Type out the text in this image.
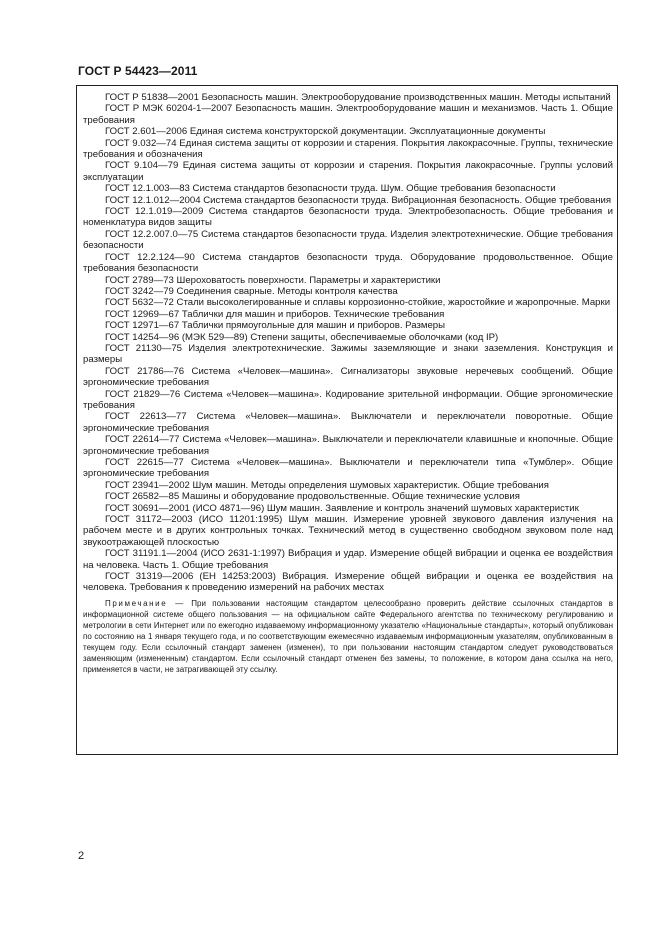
ГОСТ Р 54423—2011

ГОСТ Р 51838—2001 Безопасность машин. Электрооборудование производственных машин. Методы испытаний

ГОСТ Р МЭК 60204-1—2007 Безопасность машин. Электрооборудование машин и механизмов. Часть 1. Общие требования

ГОСТ 2.601—2006 Единая система конструкторской документации. Эксплуатационные документы

ГОСТ 9.032—74 Единая система защиты от коррозии и старения. Покрытия лакокрасочные. Группы, технические требования и обозначения

ГОСТ 9.104—79 Единая система защиты от коррозии и старения. Покрытия лакокрасочные. Группы условий эксплуатации

ГОСТ 12.1.003—83 Система стандартов безопасности труда. Шум. Общие требования безопасности

ГОСТ 12.1.012—2004 Система стандартов безопасности труда. Вибрационная безопасность. Общие требования

ГОСТ 12.1.019—2009 Система стандартов безопасности труда. Электробезопасность. Общие требования и номенклатура видов защиты

ГОСТ 12.2.007.0—75 Система стандартов безопасности труда. Изделия электротехнические. Общие требования безопасности

ГОСТ 12.2.124—90 Система стандартов безопасности труда. Оборудование продовольственное. Общие требования безопасности

ГОСТ 2789—73 Шероховатость поверхности. Параметры и характеристики

ГОСТ 3242—79 Соединения сварные. Методы контроля качества

ГОСТ 5632—72 Стали высоколегированные и сплавы коррозионно-стойкие, жаростойкие и жаропрочные. Марки

ГОСТ 12969—67 Таблички для машин и приборов. Технические требования

ГОСТ 12971—67 Таблички прямоугольные для машин и приборов. Размеры

ГОСТ 14254—96 (МЭК 529—89) Степени защиты, обеспечиваемые оболочками (код IP)

ГОСТ 21130—75 Изделия электротехнические. Зажимы заземляющие и знаки заземления. Конструкция и размеры

ГОСТ 21786—76 Система «Человек—машина». Сигнализаторы звуковые неречевых сообщений. Общие эргономические требования

ГОСТ 21829—76 Система «Человек—машина». Кодирование зрительной информации. Общие эргономические требования

ГОСТ 22613—77 Система «Человек—машина». Выключатели и переключатели поворотные. Общие эргономические требования

ГОСТ 22614—77 Система «Человек—машина». Выключатели и переключатели клавишные и кнопочные. Общие эргономические требования

ГОСТ 22615—77 Система «Человек—машина». Выключатели и переключатели типа «Тумблер». Общие эргономические требования

ГОСТ 23941—2002 Шум машин. Методы определения шумовых характеристик. Общие требования

ГОСТ 26582—85 Машины и оборудование продовольственные. Общие технические условия

ГОСТ 30691—2001 (ИСО 4871—96) Шум машин. Заявление и контроль значений шумовых характеристик

ГОСТ 31172—2003 (ИСО 11201:1995) Шум машин. Измерение уровней звукового давления излучения на рабочем месте и в других контрольных точках. Технический метод в существенно свободном звуковом поле над звукоотражающей плоскостью

ГОСТ 31191.1—2004 (ИСО 2631-1:1997) Вибрация и удар. Измерение общей вибрации и оценка ее воздействия на человека. Часть 1. Общие требования

ГОСТ 31319—2006 (ЕН 14253:2003) Вибрация. Измерение общей вибрации и оценка ее воздействия на человека. Требования к проведению измерений на рабочих местах

Примечание — При пользовании настоящим стандартом целесообразно проверить действие ссылочных стандартов в информационной системе общего пользования — на официальном сайте Федерального агентства по техническому регулированию и метрологии в сети Интернет или по ежегодно издаваемому информационному указателю «Национальные стандарты», который опубликован по состоянию на 1 января текущего года, и по соответствующим ежемесячно издаваемым информационным указателям, опубликованным в текущем году. Если ссылочный стандарт заменен (изменен), то при пользовании настоящим стандартом следует руководствоваться заменяющим (измененным) стандартом. Если ссылочный стандарт отменен без замены, то положение, в котором дана ссылка на него, применяется в части, не затрагивающей эту ссылку.

2
